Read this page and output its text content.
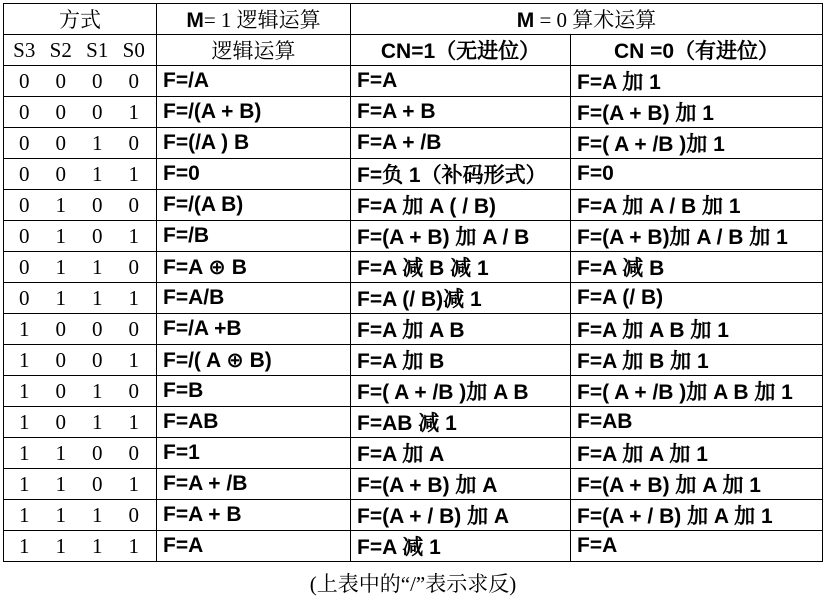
方式	M= 1 逻辑运算	M = 0 算术运算	

S3 S2 S1 S0	逻辑运算	CN=1（无进位）	CN =0（有进位）

0 0 0 0	F=/A	F=A	F=A 加 1

0 0 0 1	F=/(A + B)	F=A + B	F=(A + B) 加 1

0 0 1 0	F=(/A ) B	F=A + /B	F=( A + /B )加 1

0 0 1 1	F=0	F=负 1（补码形式）	F=0

0 1 0 0	F=/(A B)	F=A 加 A ( / B)	F=A 加 A / B 加 1

0 1 0 1	F=/B	F=(A + B) 加 A / B	F=(A + B)加 A / B 加 1

0 1 1 0	F=A ⊕ B	F=A 减 B 减 1	F=A 减 B

0 1 1 1	F=A/B	F=A (/ B)减 1	F=A (/ B)

1 0 0 0	F=/A +B	F=A 加 A B	F=A 加 A B 加 1

1 0 0 1	F=/( A ⊕ B)	F=A 加 B	F=A 加 B 加 1

1 0 1 0	F=B	F=( A + /B )加 A B	F=( A + /B )加 A B 加 1

1 0 1 1	F=AB	F=AB 减 1	F=AB

1 1 0 0	F=1	F=A 加 A	F=A 加 A 加 1

1 1 0 1	F=A + /B	F=(A + B) 加 A	F=(A + B) 加 A 加 1

1 1 1 0	F=A + B	F=(A + / B) 加 A	F=(A + / B) 加 A 加 1

1 1 1 1	F=A	F=A 减 1	F=A
(上表中的“/”表示求反)
